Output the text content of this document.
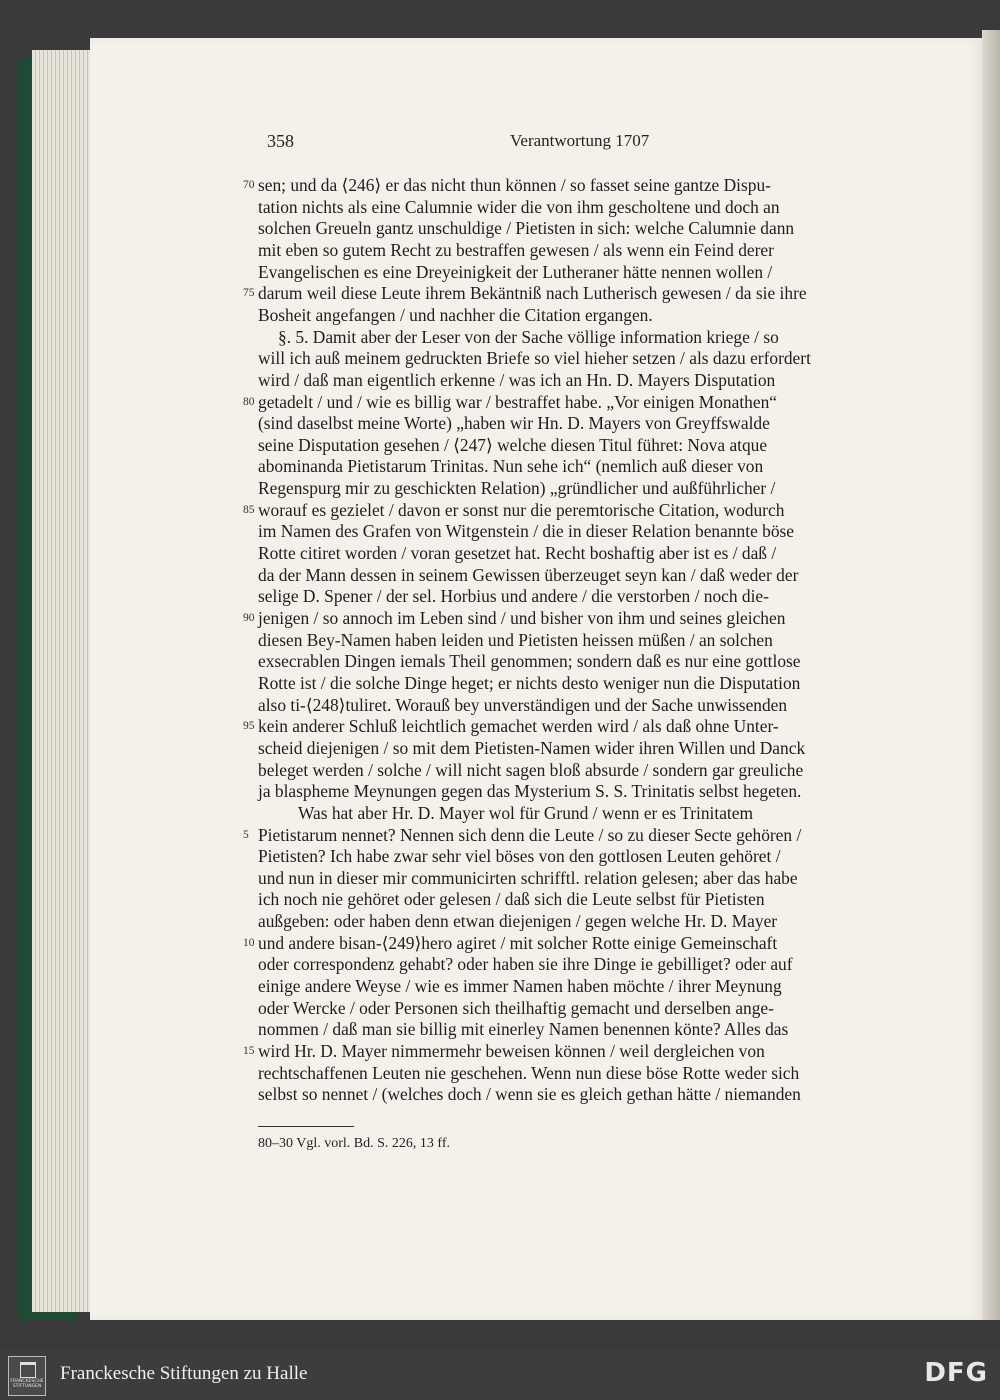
358	Verantwortung 1707
sen; und da ⟨246⟩ er das nicht thun können / so fasset seine gantze Dispu-
tation nichts als eine Calumnie wider die von ihm gescholtene und doch an
solchen Greueln gantz unschuldige / Pietisten in sich: welche Calumnie dann
mit eben so gutem Recht zu bestraffen gewesen / als wenn ein Feind derer
Evangelischen es eine Dreyeinigkeit der Lutheraner hätte nennen wollen /
darum weil diese Leute ihrem Bekäntniß nach Lutherisch gewesen / da sie ihre
Bosheit angefangen / und nachher die Citation ergangen.
§. 5. Damit aber der Leser von der Sache völlige information kriege / so
will ich auß meinem gedruckten Briefe so viel hieher setzen / als dazu erfordert
wird / daß man eigentlich erkenne / was ich an Hn. D. Mayers Disputation
getadelt / und / wie es billig war / bestraffet habe. „Vor einigen Monathen“
(sind daselbst meine Worte) „haben wir Hn. D. Mayers von Greyffswalde
seine Disputation gesehen / ⟨247⟩ welche diesen Titul führet: Nova atque
abominanda Pietistarum Trinitas. Nun sehe ich“ (nemlich auß dieser von
Regenspurg mir zu geschickten Relation) „gründlicher und außführlicher /
worauf es gezielet / davon er sonst nur die peremtorische Citation, wodurch
im Namen des Grafen von Witgenstein / die in dieser Relation benannte böse
Rotte citiret worden / voran gesetzet hat. Recht boshaftig aber ist es / daß /
da der Mann dessen in seinem Gewissen überzeuget seyn kan / daß weder der
selige D. Spener / der sel. Horbius und andere / die verstorben / noch die-
jenigen / so annoch im Leben sind / und bisher von ihm und seines gleichen
diesen Bey-Namen haben leiden und Pietisten heissen müßen / an solchen
exsecrablen Dingen iemals Theil genommen; sondern daß es nur eine gottlose
Rotte ist / die solche Dinge heget; er nichts desto weniger nun die Disputation
also ti-⟨248⟩tuliret. Worauß bey unverständigen und der Sache unwissenden
kein anderer Schluß leichtlich gemachet werden wird / als daß ohne Unter-
scheid diejenigen / so mit dem Pietisten-Namen wider ihren Willen und Danck
beleget werden / solche / will nicht sagen bloß absurde / sondern gar greuliche
ja blaspheme Meynungen gegen das Mysterium S. S. Trinitatis selbst hegeten.
Was hat aber Hr. D. Mayer wol für Grund / wenn er es Trinitatem
Pietistarum nennet? Nennen sich denn die Leute / so zu dieser Secte gehören /
Pietisten? Ich habe zwar sehr viel böses von den gottlosen Leuten gehöret /
und nun in dieser mir communicirten schrifftl. relation gelesen; aber das habe
ich noch nie gehöret oder gelesen / daß sich die Leute selbst für Pietisten
außgeben: oder haben denn etwan diejenigen / gegen welche Hr. D. Mayer
und andere bisan-⟨249⟩hero agiret / mit solcher Rotte einige Gemeinschaft
oder correspondenz gehabt? oder haben sie ihre Dinge ie gebilliget? oder auf
einige andere Weyse / wie es immer Namen haben möchte / ihrer Meynung
oder Wercke / oder Personen sich theilhaftig gemacht und derselben ange-
nommen / daß man sie billig mit einerley Namen benennen könte? Alles das
wird Hr. D. Mayer nimmermehr beweisen können / weil dergleichen von
rechtschaffenen Leuten nie geschehen. Wenn nun diese böse Rotte weder sich
selbst so nennet / (welches doch / wenn sie es gleich gethan hätte / niemanden
70
75
80
85
90
95
5
10
15
80–30 Vgl. vorl. Bd. S. 226, 13 ff.
FRANCKESCHE STIFTUNGEN
Franckesche Stiftungen zu Halle	DFG
